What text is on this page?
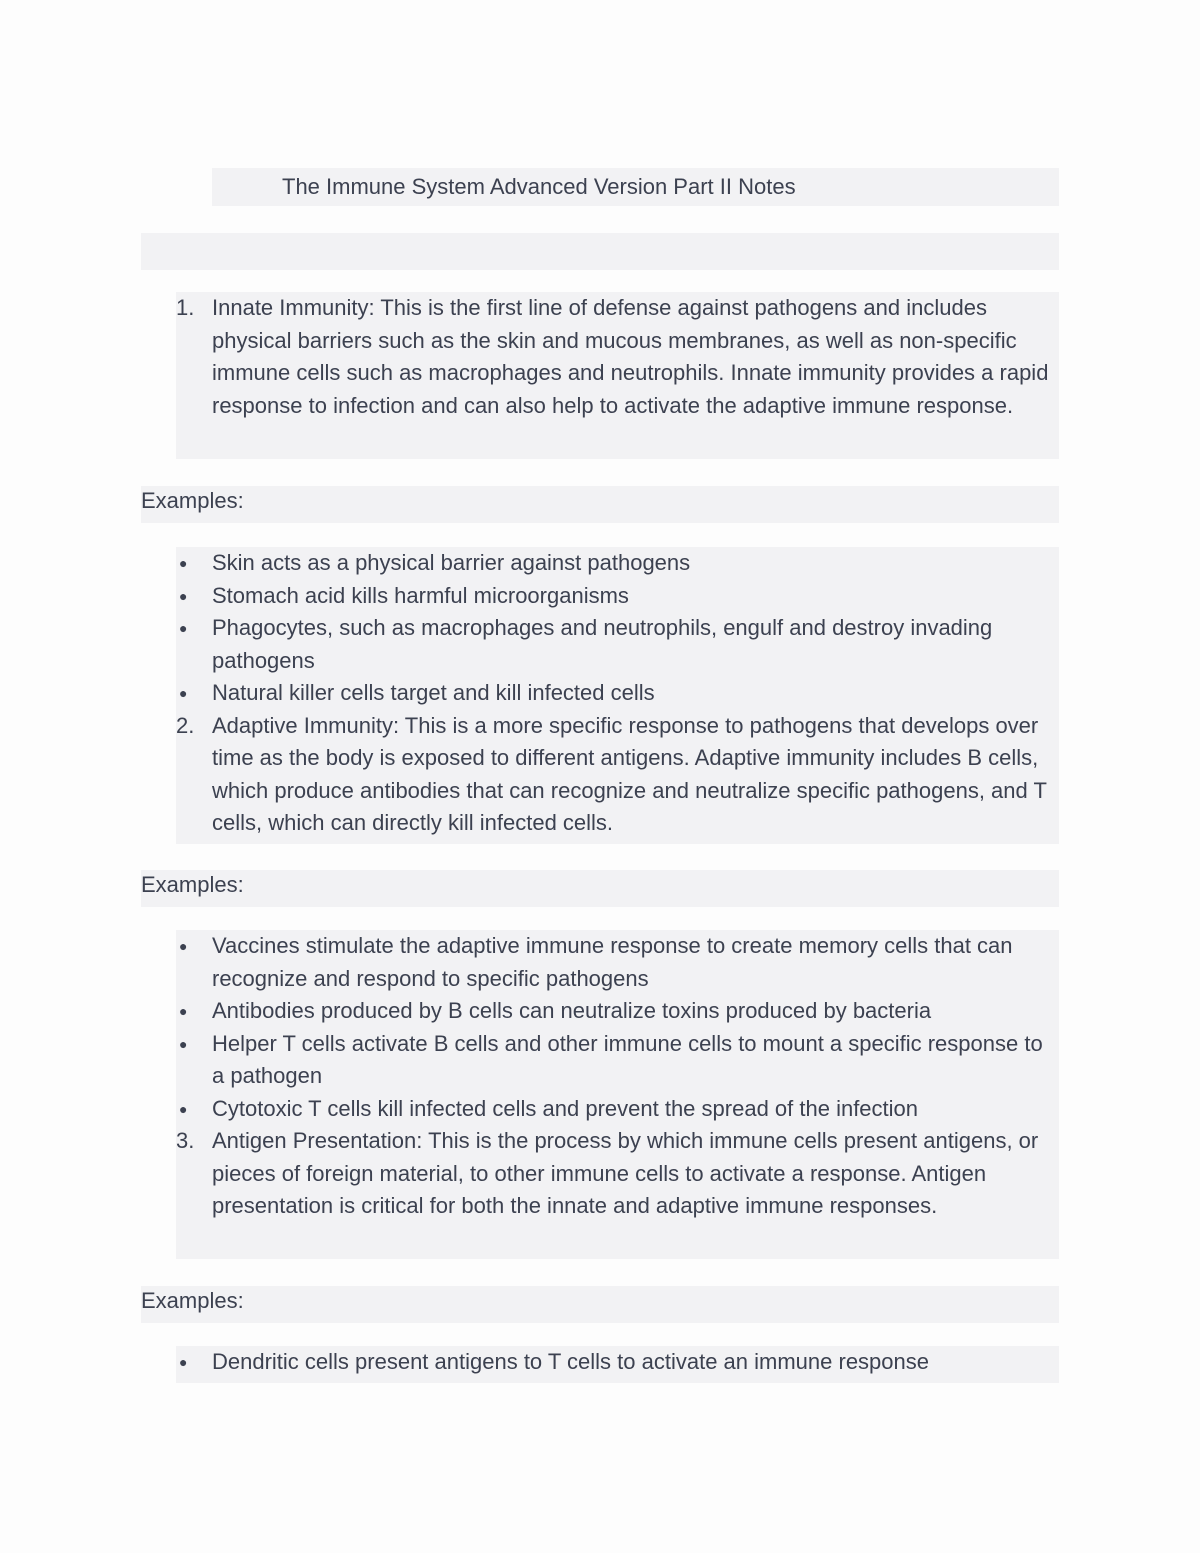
The Immune System Advanced Version Part II Notes

1. Innate Immunity: This is the first line of defense against pathogens and includes physical barriers such as the skin and mucous membranes, as well as non-specific immune cells such as macrophages and neutrophils. Innate immunity provides a rapid response to infection and can also help to activate the adaptive immune response.

Examples:

●	Skin acts as a physical barrier against pathogens

●	Stomach acid kills harmful microorganisms

●	Phagocytes, such as macrophages and neutrophils, engulf and destroy invading pathogens

●	Natural killer cells target and kill infected cells

2. Adaptive Immunity: This is a more specific response to pathogens that develops over time as the body is exposed to different antigens. Adaptive immunity includes B cells, which produce antibodies that can recognize and neutralize specific pathogens, and T cells, which can directly kill infected cells.

Examples:

●	Vaccines stimulate the adaptive immune response to create memory cells that can recognize and respond to specific pathogens

●	Antibodies produced by B cells can neutralize toxins produced by bacteria

●	Helper T cells activate B cells and other immune cells to mount a specific response to a pathogen

●	Cytotoxic T cells kill infected cells and prevent the spread of the infection

3. Antigen Presentation: This is the process by which immune cells present antigens, or pieces of foreign material, to other immune cells to activate a response. Antigen presentation is critical for both the innate and adaptive immune responses.

Examples:

●	Dendritic cells present antigens to T cells to activate an immune response
